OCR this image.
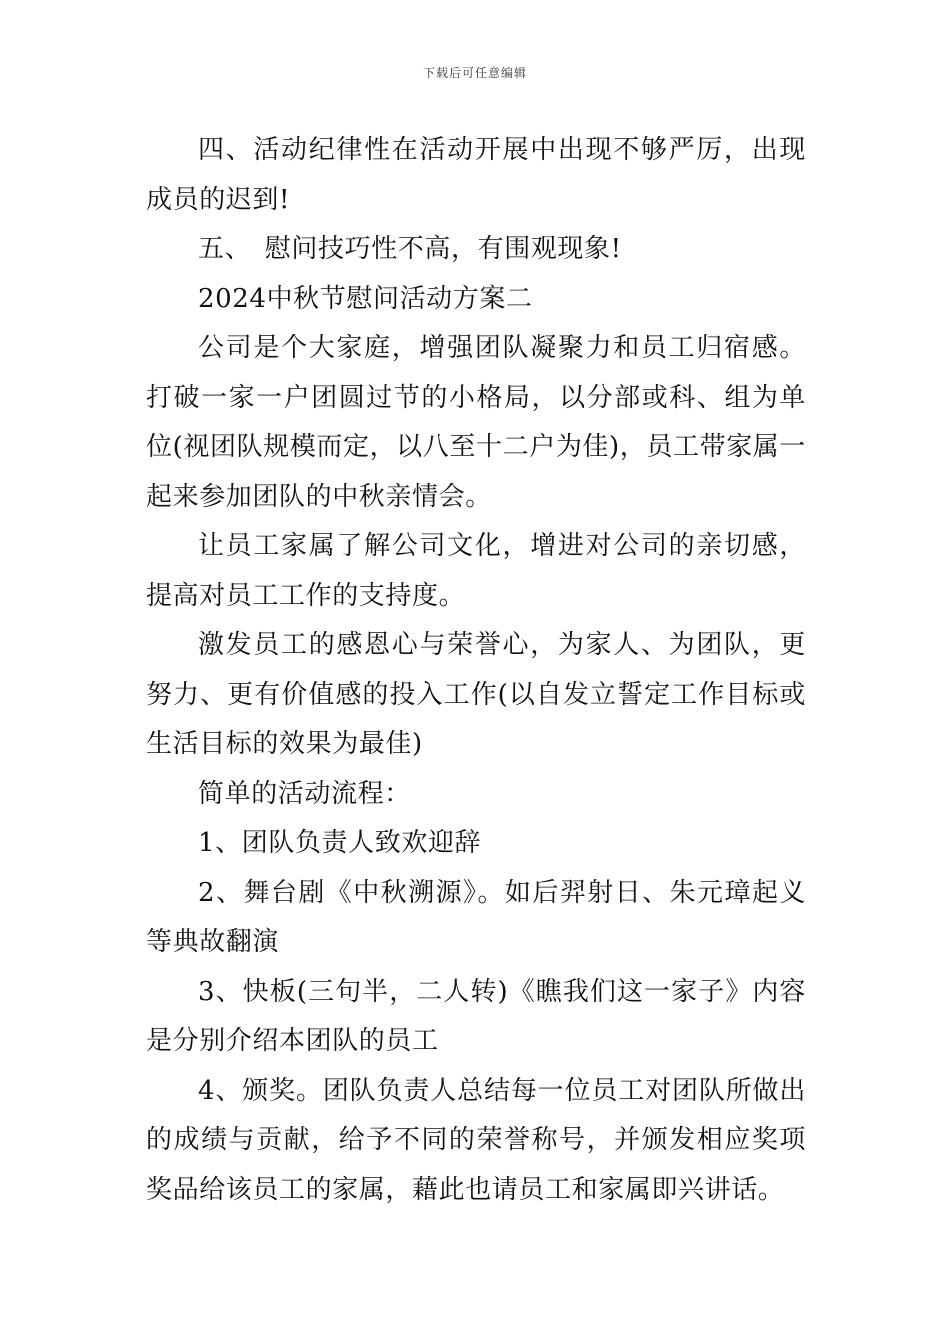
下载后可任意编辑

四、活动纪律性在活动开展中出现不够严厉，出现成员的迟到!

五、　慰问技巧性不高，有围观现象!

2024中秋节慰问活动方案二

公司是个大家庭，增强团队凝聚力和员工归宿感。打破一家一户团圆过节的小格局，以分部或科、组为单位(视团队规模而定，以八至十二户为佳)，员工带家属一起来参加团队的中秋亲情会。

让员工家属了解公司文化，增进对公司的亲切感，提高对员工工作的支持度。

激发员工的感恩心与荣誉心，为家人、为团队，更努力、更有价值感的投入工作(以自发立誓定工作目标或生活目标的效果为最佳)

简单的活动流程：

1、团队负责人致欢迎辞

2、舞台剧《中秋溯源》。如后羿射日、朱元璋起义等典故翻演

3、快板(三句半，二人转)《瞧我们这一家子》内容是分别介绍本团队的员工

4、颁奖。团队负责人总结每一位员工对团队所做出的成绩与贡献，给予不同的荣誉称号，并颁发相应奖项奖品给该员工的家属，藉此也请员工和家属即兴讲话。
